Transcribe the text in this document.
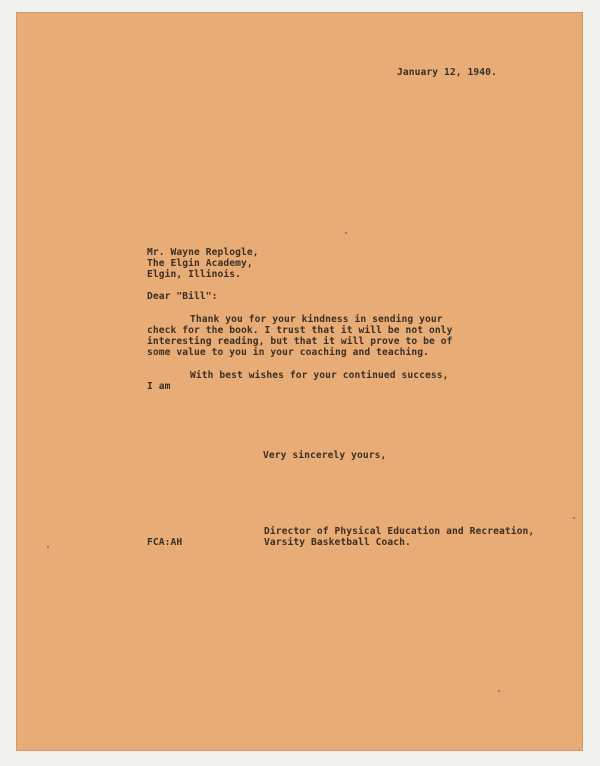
January 12, 1940.
Mr. Wayne Replogle,
The Elgin Academy,
Elgin, Illinois.
Dear "Bill":
Thank you for your kindness in sending your
check for the book. I trust that it will be not only
interesting reading, but that it will prove to be of
some value to you in your coaching and teaching.
With best wishes for your continued success,
I am
Very sincerely yours,
Director of Physical Education and Recreation,
Varsity Basketball Coach.
FCA:AH
